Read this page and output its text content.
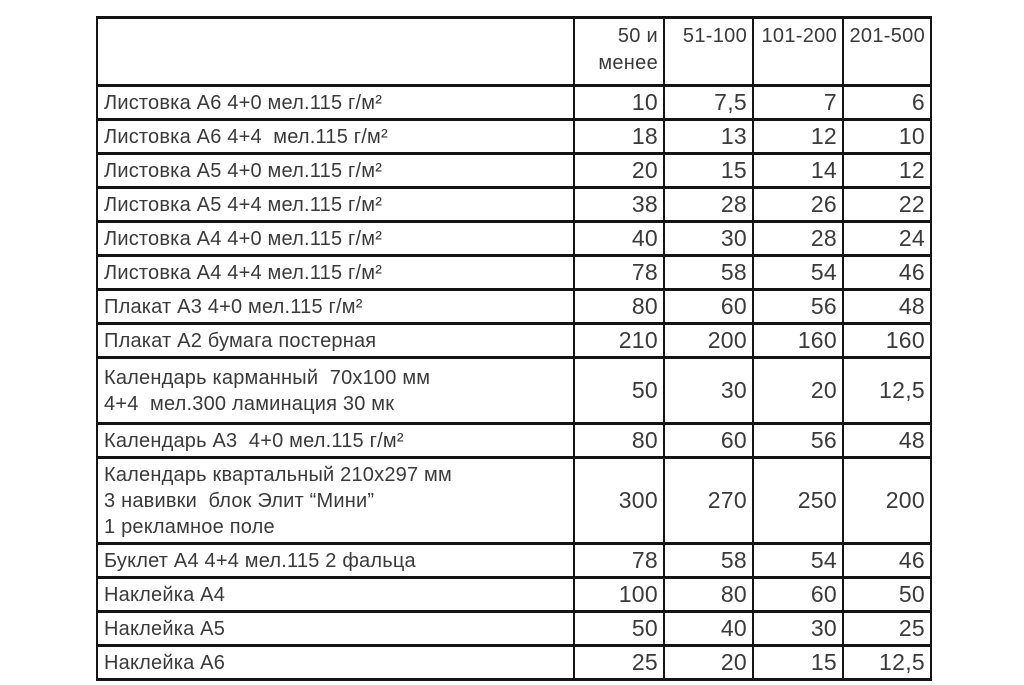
	50 и менее	51-100	101-200	201-500

Листовка А6 4+0 мел.115 г/м²	10	7,5	7	6

Листовка А6 4+4  мел.115 г/м²	18	13	12	10

Листовка А5 4+0 мел.115 г/м²	20	15	14	12

Листовка А5 4+4 мел.115 г/м²	38	28	26	22

Листовка А4 4+0 мел.115 г/м²	40	30	28	24

Листовка А4 4+4 мел.115 г/м²	78	58	54	46

Плакат А3 4+0 мел.115 г/м²	80	60	56	48

Плакат А2 бумага постерная	210	200	160	160

Календарь карманный  70х100 мм
4+4  мел.300 ламинация 30 мк	50	30	20	12,5

Календарь А3  4+0 мел.115 г/м²	80	60	56	48

Календарь квартальный 210х297 мм
3 навивки  блок Элит “Мини”
1 рекламное поле	300	270	250	200

Буклет А4 4+4 мел.115 2 фальца	78	58	54	46

Наклейка А4	100	80	60	50

Наклейка А5	50	40	30	25

Наклейка А6	25	20	15	12,5
